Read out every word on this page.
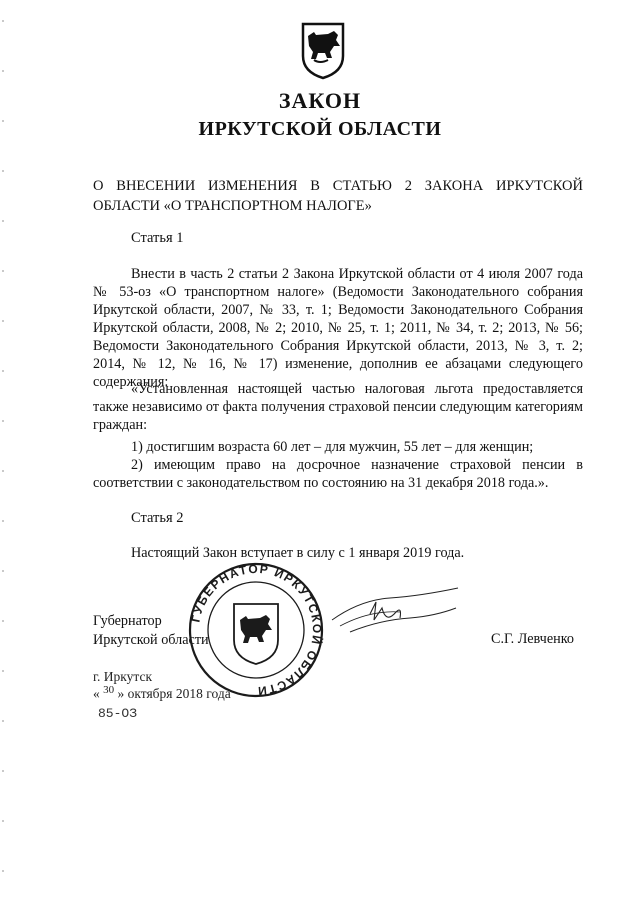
ЗАКОН
ИРКУТСКОЙ ОБЛАСТИ
О ВНЕСЕНИИ ИЗМЕНЕНИЯ В СТАТЬЮ 2 ЗАКОНА ИРКУТСКОЙ ОБЛАСТИ «О ТРАНСПОРТНОМ НАЛОГЕ»
Статья 1
Внести в часть 2 статьи 2 Закона Иркутской области от 4 июля 2007 года № 53-оз «О транспортном налоге» (Ведомости Законодательного собрания Иркутской области, 2007, № 33, т. 1; Ведомости Законодательного Собрания Иркутской области, 2008, № 2; 2010, № 25, т. 1; 2011, № 34, т. 2; 2013, № 56; Ведомости Законодательного Собрания Иркутской области, 2013, № 3, т. 2; 2014, № 12, № 16, № 17) изменение, дополнив ее абзацами следующего содержания:
«Установленная настоящей частью налоговая льгота предоставляется также независимо от факта получения страховой пенсии следующим категориям граждан:
1) достигшим возраста 60 лет – для мужчин, 55 лет – для женщин;
2) имеющим право на досрочное назначение страховой пенсии в соответствии с законодательством по состоянию на 31 декабря 2018 года.».
Статья 2
Настоящий Закон вступает в силу с 1 января 2019 года.
Губернатор
Иркутской области	С.Г. Левченко
ГУБЕРНАТОР ИРКУТСКОЙ ОБЛАСТИ
г. Иркутск
« $^{30}$ » октября 2018 года
85-ОЗ
